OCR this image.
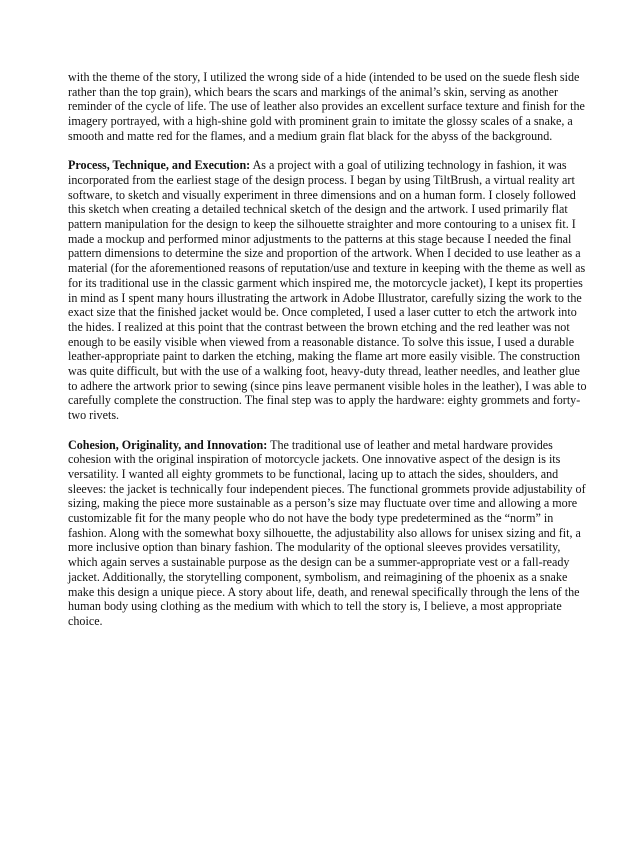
with the theme of the story, I utilized the wrong side of a hide (intended to be used on the suede flesh side rather than the top grain), which bears the scars and markings of the animal’s skin, serving as another reminder of the cycle of life. The use of leather also provides an excellent surface texture and finish for the imagery portrayed, with a high-shine gold with prominent grain to imitate the glossy scales of a snake, a smooth and matte red for the flames, and a medium grain flat black for the abyss of the background.

Process, Technique, and Execution: As a project with a goal of utilizing technology in fashion, it was incorporated from the earliest stage of the design process. I began by using TiltBrush, a virtual reality art software, to sketch and visually experiment in three dimensions and on a human form. I closely followed this sketch when creating a detailed technical sketch of the design and the artwork. I used primarily flat pattern manipulation for the design to keep the silhouette straighter and more contouring to a unisex fit. I made a mockup and performed minor adjustments to the patterns at this stage because I needed the final pattern dimensions to determine the size and proportion of the artwork. When I decided to use leather as a material (for the aforementioned reasons of reputation/use and texture in keeping with the theme as well as for its traditional use in the classic garment which inspired me, the motorcycle jacket), I kept its properties in mind as I spent many hours illustrating the artwork in Adobe Illustrator, carefully sizing the work to the exact size that the finished jacket would be. Once completed, I used a laser cutter to etch the artwork into the hides. I realized at this point that the contrast between the brown etching and the red leather was not enough to be easily visible when viewed from a reasonable distance. To solve this issue, I used a durable leather-appropriate paint to darken the etching, making the flame art more easily visible. The construction was quite difficult, but with the use of a walking foot, heavy-duty thread, leather needles, and leather glue to adhere the artwork prior to sewing (since pins leave permanent visible holes in the leather), I was able to carefully complete the construction. The final step was to apply the hardware: eighty grommets and forty-two rivets.

Cohesion, Originality, and Innovation: The traditional use of leather and metal hardware provides cohesion with the original inspiration of motorcycle jackets. One innovative aspect of the design is its versatility. I wanted all eighty grommets to be functional, lacing up to attach the sides, shoulders, and sleeves: the jacket is technically four independent pieces. The functional grommets provide adjustability of sizing, making the piece more sustainable as a person’s size may fluctuate over time and allowing a more customizable fit for the many people who do not have the body type predetermined as the “norm” in fashion. Along with the somewhat boxy silhouette, the adjustability also allows for unisex sizing and fit, a more inclusive option than binary fashion. The modularity of the optional sleeves provides versatility, which again serves a sustainable purpose as the design can be a summer-appropriate vest or a fall-ready jacket. Additionally, the storytelling component, symbolism, and reimagining of the phoenix as a snake make this design a unique piece. A story about life, death, and renewal specifically through the lens of the human body using clothing as the medium with which to tell the story is, I believe, a most appropriate choice.
